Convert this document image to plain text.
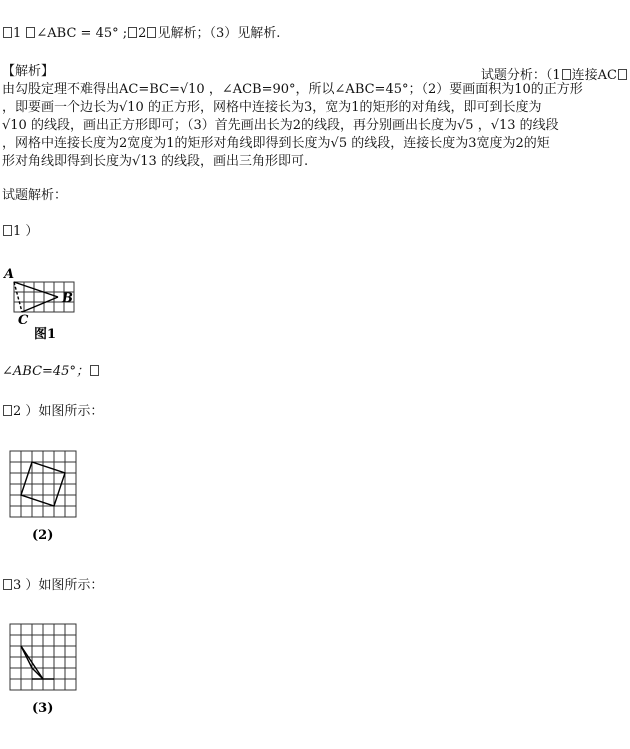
1 ∠ABC = 45° ; 2 见解析；（3）见解析.
【解析】	试题分析：（1 连接AC
由勾股定理不难得出AC=BC=√10 ，∠ACB=90°，所以∠ABC=45°；（2）要画面积为10的正方形
，即要画一个边长为√10 的正方形，网格中连接长为3，宽为1的矩形的对角线，即可到长度为
√10 的线段，画出正方形即可；（3）首先画出长为2的线段，再分别画出长度为√5 ，√13 的线段
，网格中连接长度为2宽度为1的矩形对角线即得到长度为√5 的线段，连接长度为3宽度为2的矩
形对角线即得到长度为√13 的线段，画出三角形即可.
试题解析：
1 ）
A
B
C
图1
∠ABC=45°；
2 ）如图所示：
(2)
3 ）如图所示：
(3)
